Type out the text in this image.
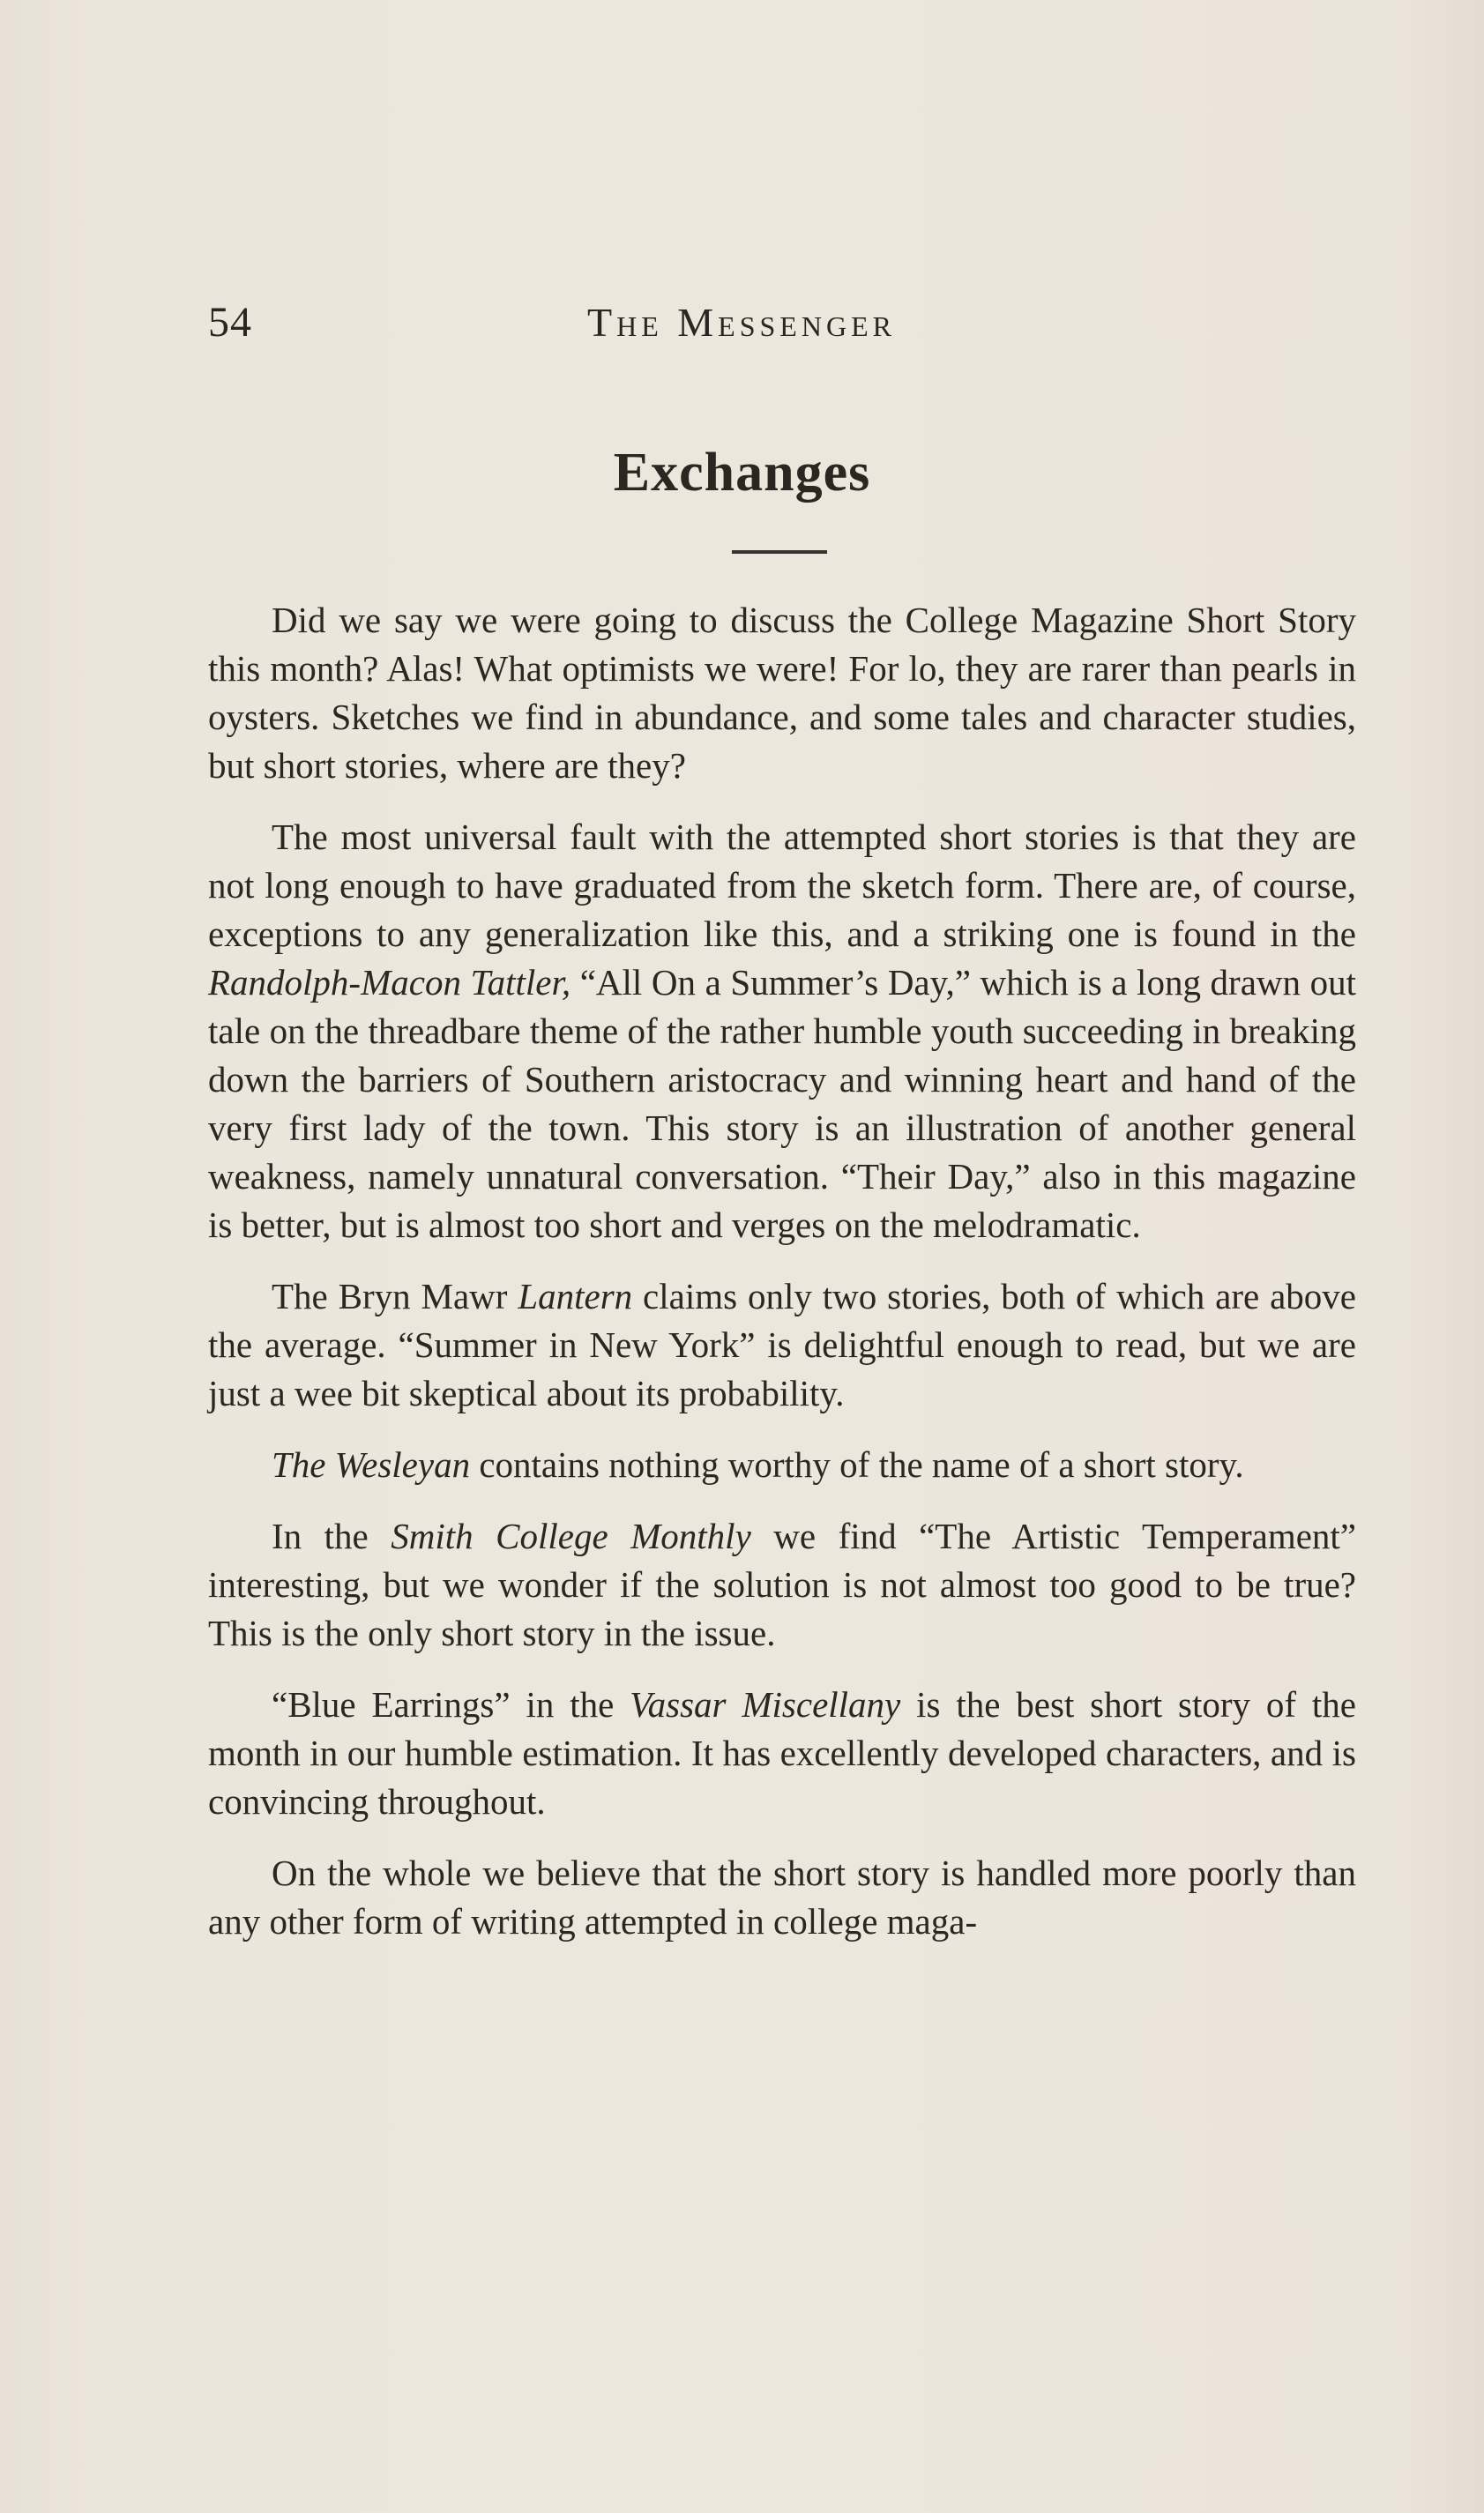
54	The Messenger
Exchanges

Did we say we were going to discuss the College Magazine Short Story this month? Alas! What optimists we were! For lo, they are rarer than pearls in oysters. Sketches we find in abundance, and some tales and character studies, but short stories, where are they?

The most universal fault with the attempted short stories is that they are not long enough to have graduated from the sketch form. There are, of course, exceptions to any generalization like this, and a striking one is found in the Randolph-Macon Tattler, “All On a Summer’s Day,” which is a long drawn out tale on the threadbare theme of the rather humble youth succeeding in breaking down the barriers of Southern aristocracy and winning heart and hand of the very first lady of the town. This story is an illustration of another general weakness, namely unnatural conversation. “Their Day,” also in this magazine is better, but is almost too short and verges on the melodramatic.

The Bryn Mawr Lantern claims only two stories, both of which are above the average. “Summer in New York” is delightful enough to read, but we are just a wee bit skeptical about its probability.

The Wesleyan contains nothing worthy of the name of a short story.

In the Smith College Monthly we find “The Artistic Temperament” interesting, but we wonder if the solution is not almost too good to be true? This is the only short story in the issue.

“Blue Earrings” in the Vassar Miscellany is the best short story of the month in our humble estimation. It has excellently developed characters, and is convincing throughout.

On the whole we believe that the short story is handled more poorly than any other form of writing attempted in college maga-
